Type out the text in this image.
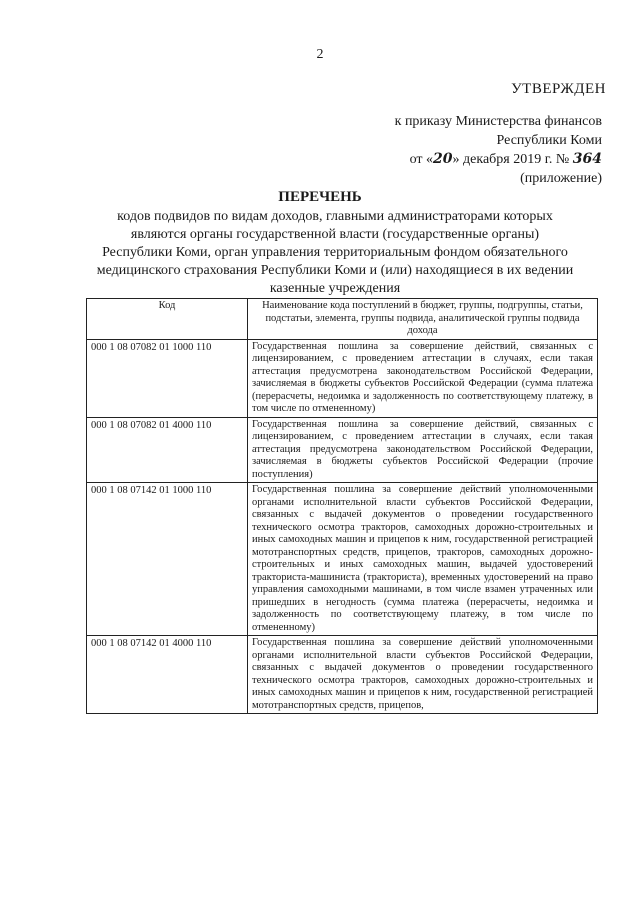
2
УТВЕРЖДЕН
к приказу Министерства финансов
Республики Коми
от «20» декабря 2019 г. № 364
(приложение)
ПЕРЕЧЕНЬ
кодов подвидов по видам доходов, главными администраторами которых являются органы государственной власти (государственные органы) Республики Коми, орган управления территориальным фондом обязательного медицинского страхования Республики Коми и (или) находящиеся в их ведении казенные учреждения
Код	Наименование кода поступлений в бюджет, группы, подгруппы, статьи, подстатьи, элемента, группы подвида, аналитической группы подвида дохода
000 1 08 07082 01 1000 110	Государственная пошлина за совершение действий, связанных с лицензированием, с проведением аттестации в случаях, если такая аттестация предусмотрена законодательством Российской Федерации, зачисляемая в бюджеты субъектов Российской Федерации (сумма платежа (перерасчеты, недоимка и задолженность по соответствующему платежу, в том числе по отмененному)
000 1 08 07082 01 4000 110	Государственная пошлина за совершение действий, связанных с лицензированием, с проведением аттестации в случаях, если такая аттестация предусмотрена законодательством Российской Федерации, зачисляемая в бюджеты субъектов Российской Федерации (прочие поступления)
000 1 08 07142 01 1000 110	Государственная пошлина за совершение действий уполномоченными органами исполнительной власти субъектов Российской Федерации, связанных с выдачей документов о проведении государственного технического осмотра тракторов, самоходных дорожно-строительных и иных самоходных машин и прицепов к ним, государственной регистрацией мототранспортных средств, прицепов, тракторов, самоходных дорожно-строительных и иных самоходных машин, выдачей удостоверений тракториста-машиниста (тракториста), временных удостоверений на право управления самоходными машинами, в том числе взамен утраченных или пришедших в негодность (сумма платежа (перерасчеты, недоимка и задолженность по соответствующему платежу, в том числе по отмененному)
000 1 08 07142 01 4000 110	Государственная пошлина за совершение действий уполномоченными органами исполнительной власти субъектов Российской Федерации, связанных с выдачей документов о проведении государственного технического осмотра тракторов, самоходных дорожно-строительных и иных самоходных машин и прицепов к ним, государственной регистрацией мототранспортных средств, прицепов,
